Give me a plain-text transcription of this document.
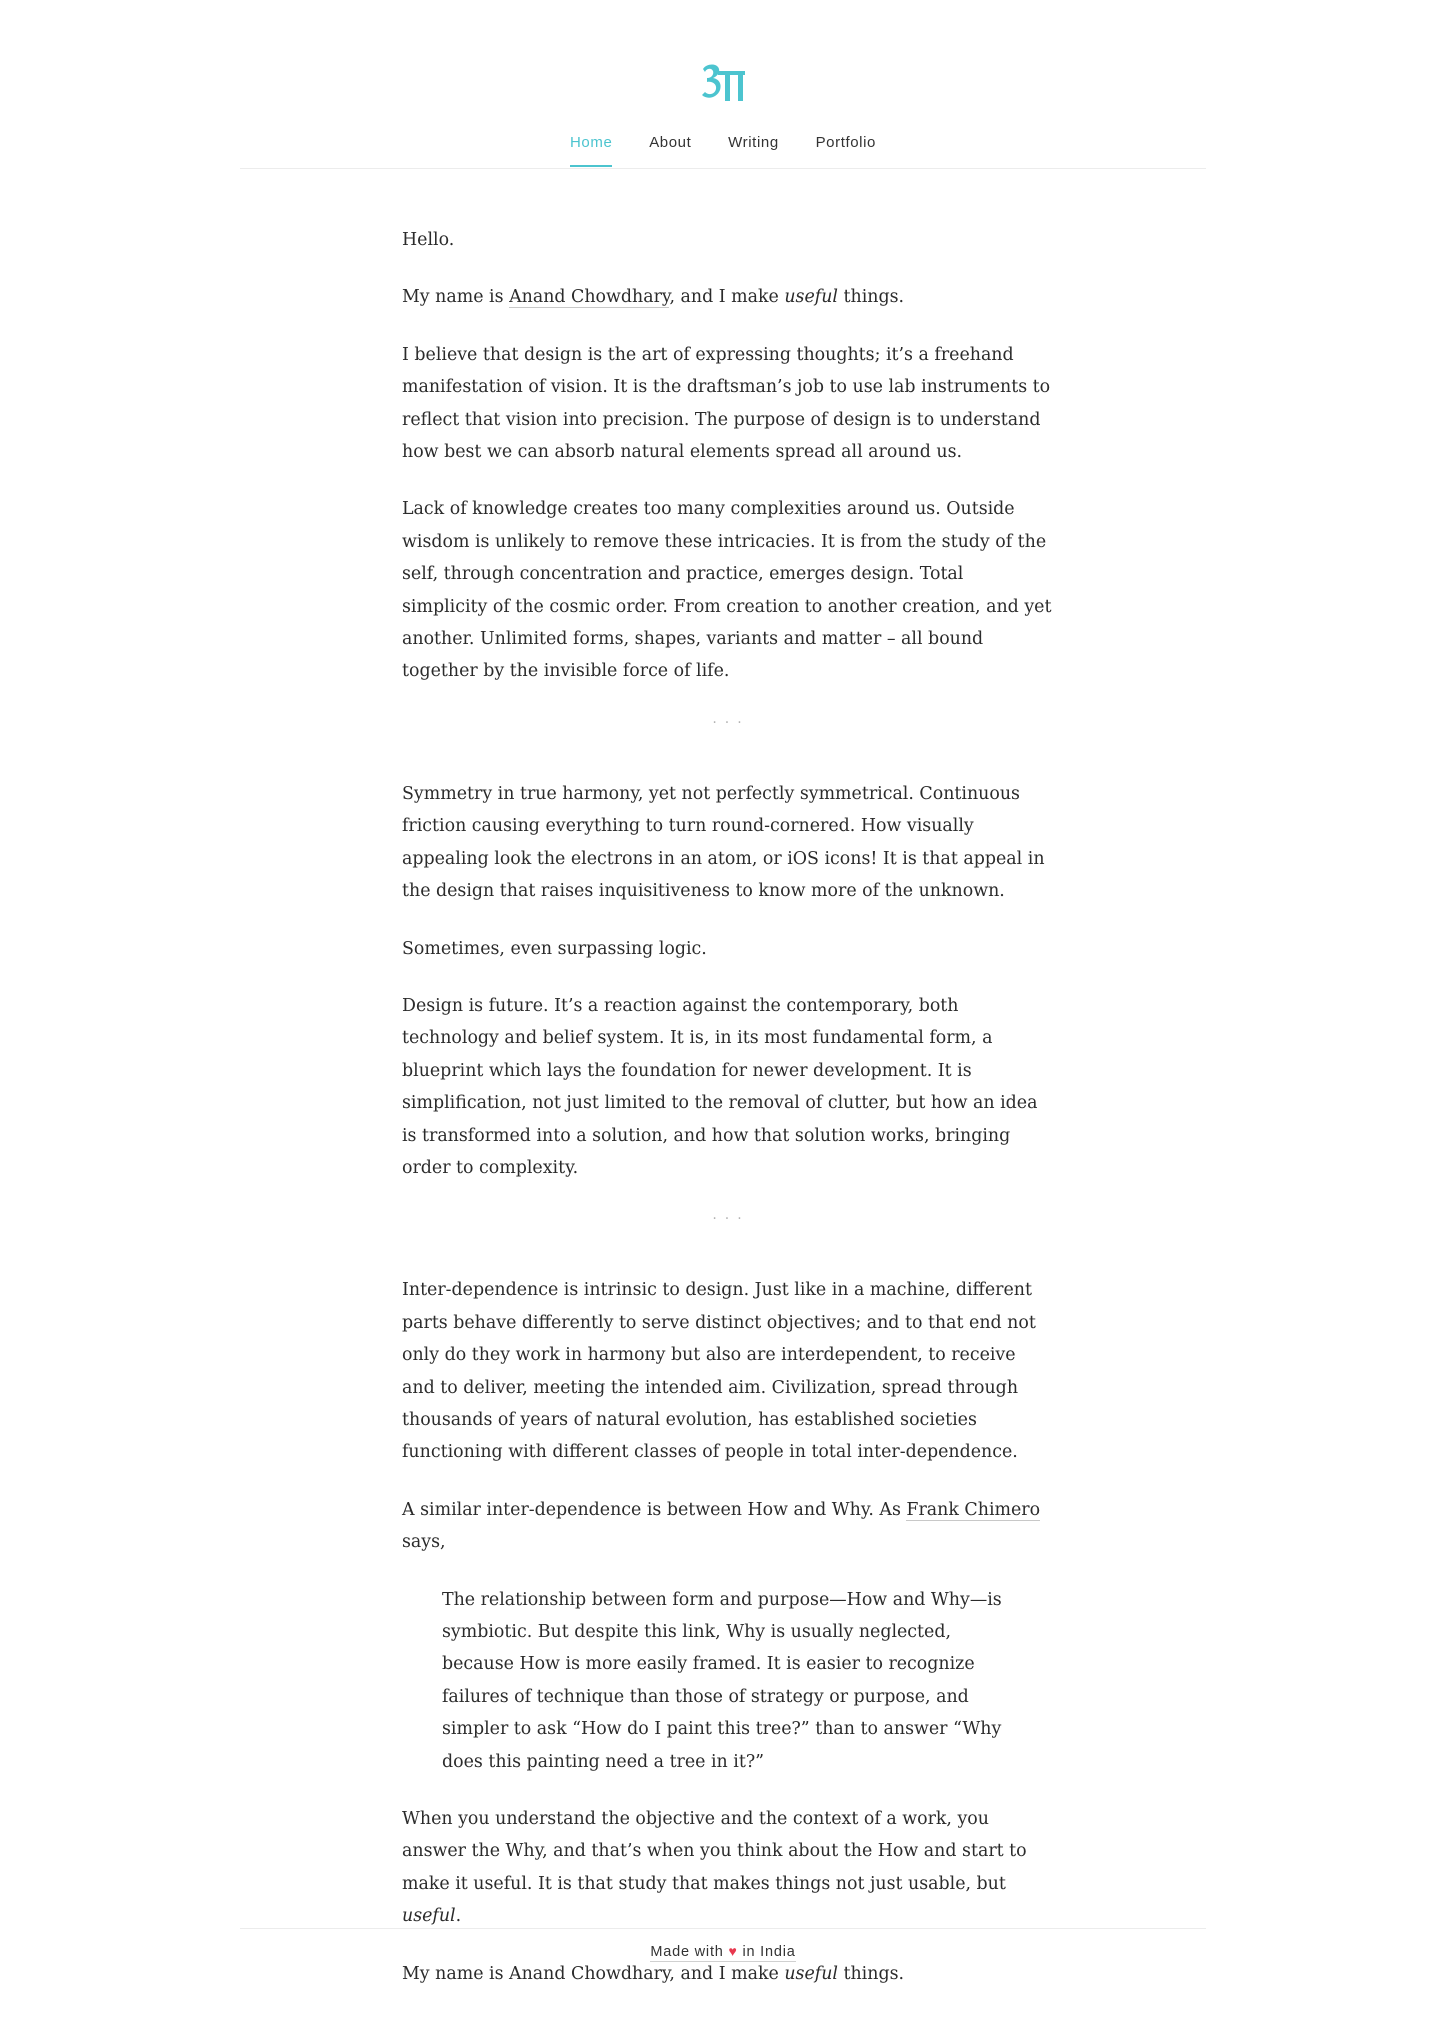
Home About Writing Portfolio

Hello.

My name is Anand Chowdhary, and I make useful things.

I believe that design is the art of expressing thoughts; it’s a freehand manifestation of vision. It is the draftsman’s job to use lab instruments to reflect that vision into precision. The purpose of design is to understand how best we can absorb natural elements spread all around us.

Lack of knowledge creates too many complexities around us. Outside wisdom is unlikely to remove these intricacies. It is from the study of the self, through concentration and practice, emerges design. Total simplicity of the cosmic order. From creation to another creation, and yet another. Unlimited forms, shapes, variants and matter – all bound together by the invisible force of life.

···

Symmetry in true harmony, yet not perfectly symmetrical. Continuous friction causing everything to turn round-cornered. How visually appealing look the electrons in an atom, or iOS icons! It is that appeal in the design that raises inquisitiveness to know more of the unknown.

Sometimes, even surpassing logic.

Design is future. It’s a reaction against the contemporary, both technology and belief system. It is, in its most fundamental form, a blueprint which lays the foundation for newer development. It is simplification, not just limited to the removal of clutter, but how an idea is transformed into a solution, and how that solution works, bringing order to complexity.

···

Inter-dependence is intrinsic to design. Just like in a machine, different parts behave differently to serve distinct objectives; and to that end not only do they work in harmony but also are interdependent, to receive and to deliver, meeting the intended aim. Civilization, spread through thousands of years of natural evolution, has established societies functioning with different classes of people in total inter-dependence.

A similar inter-dependence is between How and Why. As Frank Chimero says,

The relationship between form and purpose—How and Why—is symbiotic. But despite this link, Why is usually neglected, because How is more easily framed. It is easier to recognize failures of technique than those of strategy or purpose, and simpler to ask “How do I paint this tree?” than to answer “Why does this painting need a tree in it?”

When you understand the objective and the context of a work, you answer the Why, and that’s when you think about the How and start to make it useful. It is that study that makes things not just usable, but useful.

My name is Anand Chowdhary, and I make useful things.

Made with ♥ in India
